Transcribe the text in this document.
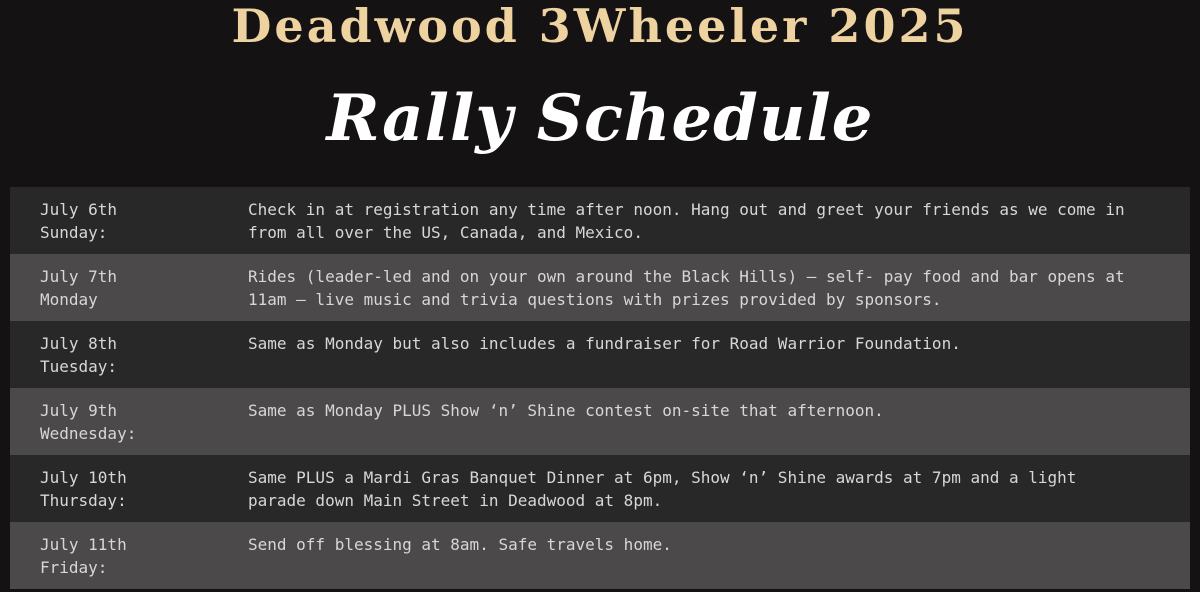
Deadwood 3Wheeler 2025
Rally Schedule
July 6th
Sunday:
Check in at registration any time after noon. Hang out and greet your friends as we come in from all over the US, Canada, and Mexico.
July 7th
Monday
Rides (leader-led and on your own around the Black Hills) – self- pay food and bar opens at 11am – live music and trivia questions with prizes provided by sponsors.
July 8th
Tuesday:
Same as Monday but also includes a fundraiser for Road Warrior Foundation.
July 9th
Wednesday:
Same as Monday PLUS Show ‘n’ Shine contest on-site that afternoon.
July 10th
Thursday:
Same PLUS a Mardi Gras Banquet Dinner at 6pm, Show ‘n’ Shine awards at 7pm and a light parade down Main Street in Deadwood at 8pm.
July 11th
Friday:
Send off blessing at 8am. Safe travels home.
